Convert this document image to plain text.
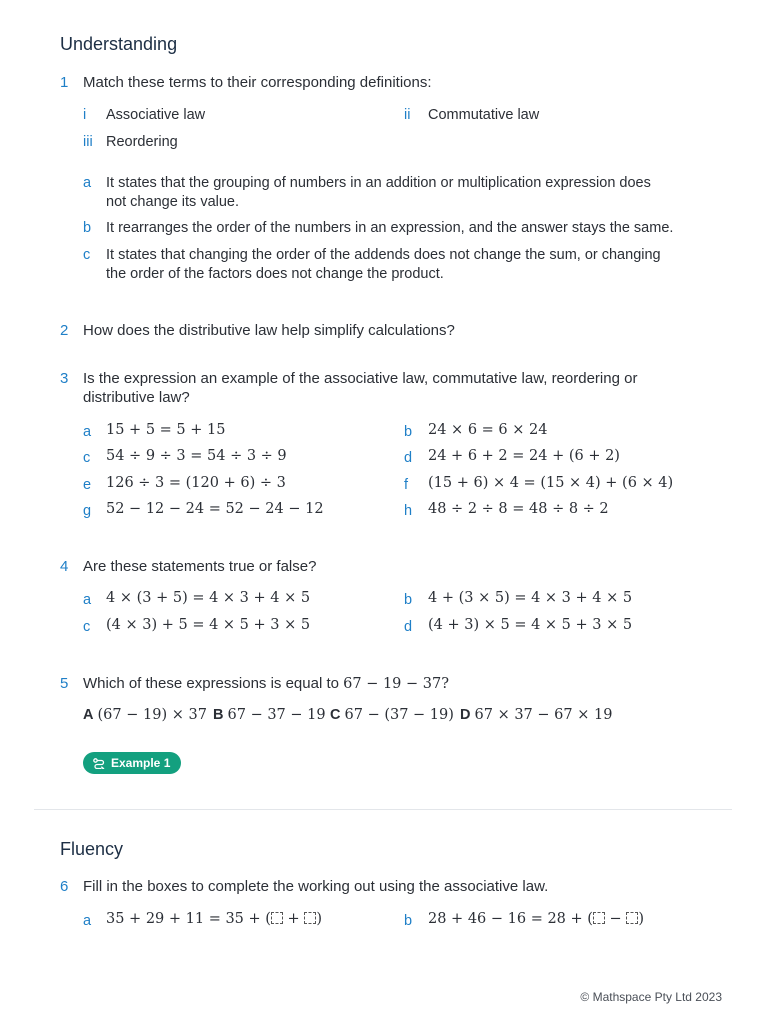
Understanding
1 Match these terms to their corresponding definitions:
i Associative law	ii Commutative law
iii Reordering
a It states that the grouping of numbers in an addition or multiplication expression does
not change its value.
b It rearranges the order of the numbers in an expression, and the answer stays the same.
c It states that changing the order of the addends does not change the sum, or changing
the order of the factors does not change the product.
2 How does the distributive law help simplify calculations?
3 Is the expression an example of the associative law, commutative law, reordering or
distributive law?
a 15 + 5 = 5 + 15	b 24 × 6 = 6 × 24
c 54 ÷ 9 ÷ 3 = 54 ÷ 3 ÷ 9	d 24 + 6 + 2 = 24 + (6 + 2)
e 126 ÷ 3 = (120 + 6) ÷ 3	f (15 + 6) × 4 = (15 × 4) + (6 × 4)
g 52 − 12 − 24 = 52 − 24 − 12	h 48 ÷ 2 ÷ 8 = 48 ÷ 8 ÷ 2
4 Are these statements true or false?
a 4 × (3 + 5) = 4 × 3 + 4 × 5	b 4 + (3 × 5) = 4 × 3 + 4 × 5
c (4 × 3) + 5 = 4 × 5 + 3 × 5	d (4 + 3) × 5 = 4 × 5 + 3 × 5
5 Which of these expressions is equal to 67 − 19 − 37?
A (67 − 19) × 37 B 67 − 37 − 19 C 67 − (37 − 19) D 67 × 37 − 67 × 19
Example 1
Fluency
6 Fill in the boxes to complete the working out using the associative law.
a 35 + 29 + 11 = 35 + ( + )	b 28 + 46 − 16 = 28 + ( − )
© Mathspace Pty Ltd 2023
